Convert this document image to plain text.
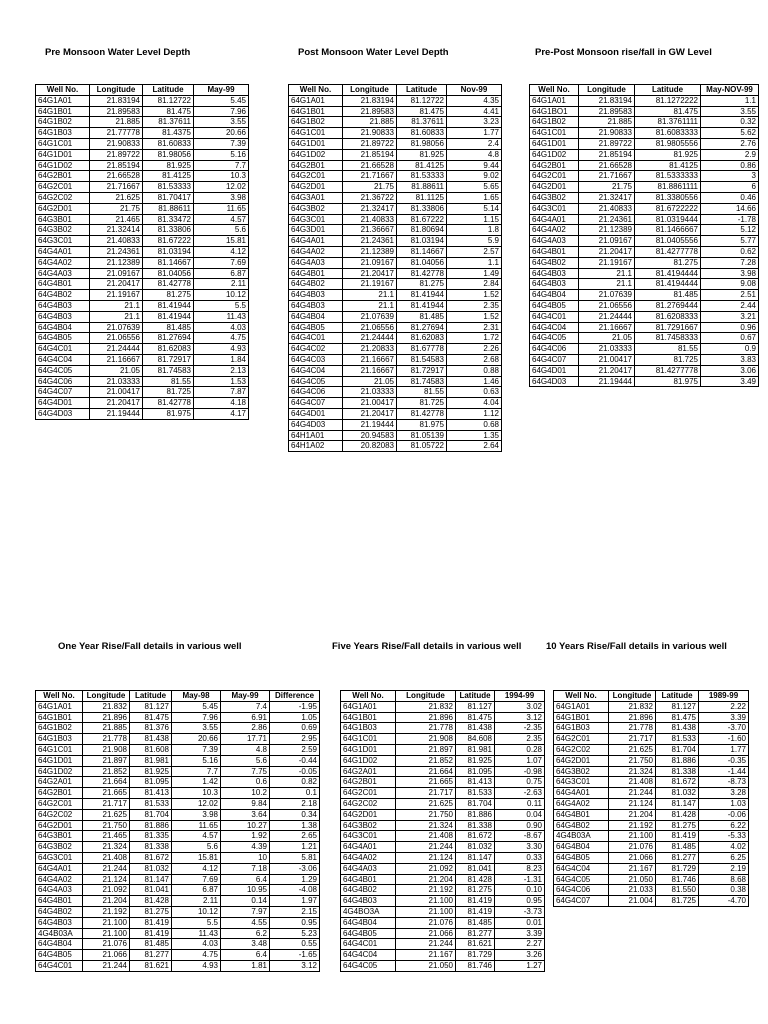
Pre Monsoon Water Level Depth	Post Monsoon Water Level Depth	Pre-Post Monsoon rise/fall in GW Level
Well No.	Longitude	Latitude	May-99
64G1A01	21.83194	81.12722	5.45
64G1B01	21.89583	81.475	7.96
64G1B02	21.885	81.37611	3.55
64G1B03	21.77778	81.4375	20.66
64G1C01	21.90833	81.60833	7.39
64G1D01	21.89722	81.98056	5.16
64G1D02	21.85194	81.925	7.7
64G2B01	21.66528	81.4125	10.3
64G2C01	21.71667	81.53333	12.02
64G2C02	21.625	81.70417	3.98
64G2D01	21.75	81.88611	11.65
64G3B01	21.465	81.33472	4.57
64G3B02	21.32414	81.33806	5.6
64G3C01	21.40833	81.67222	15.81
64G4A01	21.24361	81.03194	4.12
64G4A02	21.12389	81.14667	7.69
64G4A03	21.09167	81.04056	6.87
64G4B01	21.20417	81.42778	2.11
64G4B02	21.19167	81.275	10.12
64G4B03	21.1	81.41944	5.5
64G4B03	21.1	81.41944	11.43
64G4B04	21.07639	81.485	4.03
64G4B05	21.06556	81.27694	4.75
64G4C01	21.24444	81.62083	4.93
64G4C04	21.16667	81.72917	1.84
64G4C05	21.05	81.74583	2.13
64G4C06	21.03333	81.55	1.53
64G4C07	21.00417	81.725	7.87
64G4D01	21.20417	81.42778	4.18
64G4D03	21.19444	81.975	4.17
Well No.	Longitude	Latitude	Nov-99
64G1A01	21.83194	81.12722	4.35
64G1B01	21.89583	81.475	4.41
64G1B02	21.885	81.37611	3.23
64G1C01	21.90833	81.60833	1.77
64G1D01	21.89722	81.98056	2.4
64G1D02	21.85194	81.925	4.8
64G2B01	21.66528	81.4125	9.44
64G2C01	21.71667	81.53333	9.02
64G2D01	21.75	81.88611	5.65
64G3A01	21.36722	81.1125	1.65
64G3B02	21.32417	81.33806	5.14
64G3C01	21.40833	81.67222	1.15
64G3D01	21.36667	81.80694	1.8
64G4A01	21.24361	81.03194	5.9
64G4A02	21.12389	81.14667	2.57
64G4A03	21.09167	81.04056	1.1
64G4B01	21.20417	81.42778	1.49
64G4B02	21.19167	81.275	2.84
64G4B03	21.1	81.41944	1.52
64G4B03	21.1	81.41944	2.35
64G4B04	21.07639	81.485	1.52
64G4B05	21.06556	81.27694	2.31
64G4C01	21.24444	81.62083	1.72
64G4C02	21.20833	81.67778	2.26
64G4C03	21.16667	81.54583	2.68
64G4C04	21.16667	81.72917	0.88
64G4C05	21.05	81.74583	1.46
64G4C06	21.03333	81.55	0.63
64G4C07	21.00417	81.725	4.04
64G4D01	21.20417	81.42778	1.12
64G4D03	21.19444	81.975	0.68
64H1A01	20.94583	81.05139	1.35
64H1A02	20.82083	81.05722	2.64
Well No.	Longitude	Latitude	May-NOV-99
64G1A01	21.83194	81.1272222	1.1
64G1BO1	21.89583	81.475	3.55
64G1B02	21.885	81.3761111	0.32
64G1C01	21.90833	81.6083333	5.62
64G1D01	21.89722	81.9805556	2.76
64G1D02	21.85194	81.925	2.9
64G2B01	21.66528	81.4125	0.86
64G2C01	21.71667	81.5333333	3
64G2D01	21.75	81.8861111	6
64G3B02	21.32417	81.3380556	0.46
64G3C01	21.40833	81.6722222	14.66
64G4A01	21.24361	81.0319444	-1.78
64G4A02	21.12389	81.1466667	5.12
64G4A03	21.09167	81.0405556	5.77
64G4B01	21.20417	81.4277778	0.62
64G4B02	21.19167	81.275	7.28
64G4B03	21.1	81.4194444	3.98
64G4B03	21.1	81.4194444	9.08
64G4B04	21.07639	81.485	2.51
64G4B05	21.06556	81.2769444	2.44
64G4C01	21.24444	81.6208333	3.21
64G4C04	21.16667	81.7291667	0.96
64G4C05	21.05	81.7458333	0.67
64G4C06	21.03333	81.55	0.9
64G4C07	21.00417	81.725	3.83
64G4D01	21.20417	81.4277778	3.06
64G4D03	21.19444	81.975	3.49
One Year Rise/Fall details in various well	Five Years Rise/Fall details in various well	10 Years Rise/Fall details in various well
Well No.	Longitude	Latitude	May-98	May-99	Difference
64G1A01	21.832	81.127	5.45	7.4	-1.95
64G1B01	21.896	81.475	7.96	6.91	1.05
64G1B02	21.885	81.376	3.55	2.86	0.69
64G1B03	21.778	81.438	20.66	17.71	2.95
64G1C01	21.908	81.608	7.39	4.8	2.59
64G1D01	21.897	81.981	5.16	5.6	-0.44
64G1D02	21.852	81.925	7.7	7.75	-0.05
64G2A01	21.664	81.095	1.42	0.6	0.82
64G2B01	21.665	81.413	10.3	10.2	0.1
64G2C01	21.717	81.533	12.02	9.84	2.18
64G2C02	21.625	81.704	3.98	3.64	0.34
64G2D01	21.750	81.886	11.65	10.27	1.38
64G3B01	21.465	81.335	4.57	1.92	2.65
64G3B02	21.324	81.338	5.6	4.39	1.21
64G3C01	21.408	81.672	15.81	10	5.81
64G4A01	21.244	81.032	4.12	7.18	-3.06
64G4A02	21.124	81.147	7.69	6.4	1.29
64G4A03	21.092	81.041	6.87	10.95	-4.08
64G4B01	21.204	81.428	2.11	0.14	1.97
64G4B02	21.192	81.275	10.12	7.97	2.15
64G4B03	21.100	81.419	5.5	4.55	0.95
4G4B03A	21.100	81.419	11.43	6.2	5.23
64G4B04	21.076	81.485	4.03	3.48	0.55
64G4B05	21.066	81.277	4.75	6.4	-1.65
64G4C01	21.244	81.621	4.93	1.81	3.12
Well No.	Longitude	Latitude	1994-99
64G1A01	21.832	81.127	3.02
64G1B01	21.896	81.475	3.12
64G1B03	21.778	81.438	-2.35
64G1C01	21.908	84.608	2.35
64G1D01	21.897	81.981	0.28
64G1D02	21.852	81.925	1.07
64G2A01	21.664	81.095	-0.98
64G2B01	21.665	81.413	0.75
64G2C01	21.717	81.533	-2.63
64G2C02	21.625	81.704	0.11
64G2D01	21.750	81.886	0.04
64G3B02	21.324	81.338	0.90
64G3C01	21.408	81.672	-8.67
64G4A01	21.244	81.032	3.30
64G4A02	21.124	81.147	0.33
64G4A03	21.092	81.041	8.23
64G4B01	21.204	81.428	-1.31
64G4B02	21.192	81.275	0.10
64G4B03	21.100	81.419	0.95
4G4BO3A	21.100	81.419	-3.73
64G4B04	21.076	81.485	0.01
64G4B05	21.066	81.277	3.39
64G4C01	21.244	81.621	2.27
64G4C04	21.167	81.729	3.26
64G4C05	21.050	81.746	1.27
Well No.	Longitude	Latitude	1989-99
64G1A01	21.832	81.127	2.22
64G1B01	21.896	81.475	3.39
64G1B03	21.778	81.438	-3.70
64G2C01	21.717	81.533	-1.60
64G2C02	21.625	81.704	1.77
64G2D01	21.750	81.886	-0.35
64G3B02	21.324	81.338	-1.44
64G3C01	21.408	81.672	-8.73
64G4A01	21.244	81.032	3.28
64G4A02	21.124	81.147	1.03
64G4B01	21.204	81.428	-0.06
64G4B02	21.192	81.275	6.22
4G4B03A	21.100	81.419	-5.33
64G4B04	21.076	81.485	4.02
64G4B05	21.066	81.277	6.25
64G4C04	21.167	81.729	2.19
64G4C05	21.050	81.746	8.68
64G4C06	21.033	81.550	0.38
64G4C07	21.004	81.725	-4.70
